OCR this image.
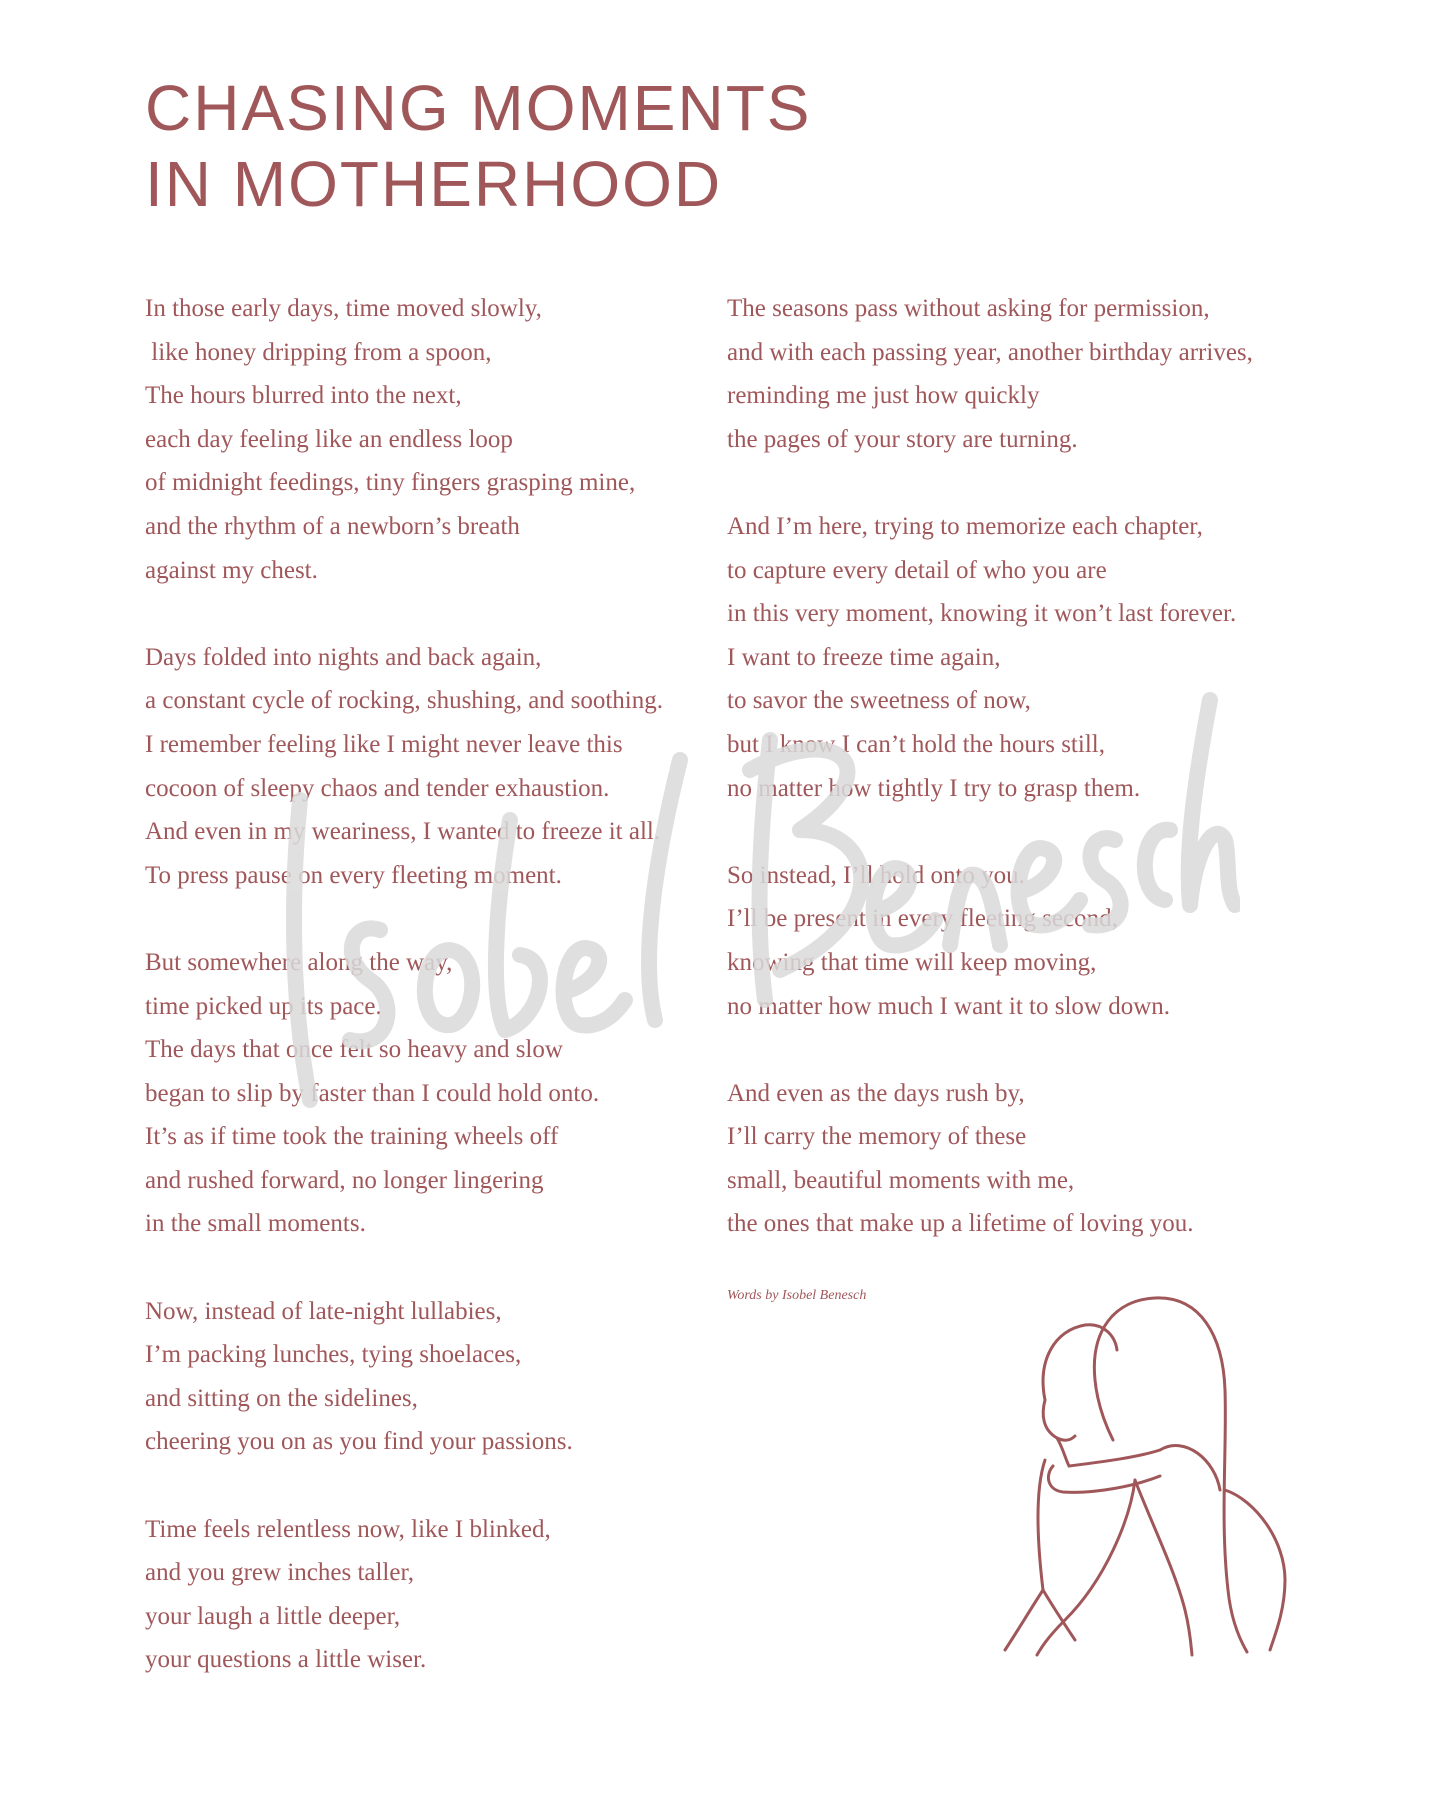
CHASING MOMENTS
IN MOTHERHOOD
In those early days, time moved slowly,
like honey dripping from a spoon,
The hours blurred into the next,
each day feeling like an endless loop
of midnight feedings, tiny fingers grasping mine,
and the rhythm of a newborn’s breath
against my chest.
Days folded into nights and back again,
a constant cycle of rocking, shushing, and soothing.
I remember feeling like I might never leave this
cocoon of sleepy chaos and tender exhaustion.
And even in my weariness, I wanted to freeze it all.
To press pause on every fleeting moment.
But somewhere along the way,
time picked up its pace.
The days that once felt so heavy and slow
began to slip by faster than I could hold onto.
It’s as if time took the training wheels off
and rushed forward, no longer lingering
in the small moments.
Now, instead of late-night lullabies,
I’m packing lunches, tying shoelaces,
and sitting on the sidelines,
cheering you on as you find your passions.
Time feels relentless now, like I blinked,
and you grew inches taller,
your laugh a little deeper,
your questions a little wiser.
The seasons pass without asking for permission,
and with each passing year, another birthday arrives,
reminding me just how quickly
the pages of your story are turning.
And I’m here, trying to memorize each chapter,
to capture every detail of who you are
in this very moment, knowing it won’t last forever.
I want to freeze time again,
to savor the sweetness of now,
but I know I can’t hold the hours still,
no matter how tightly I try to grasp them.
So instead, I’ll hold onto you.
I’ll be present in every fleeting second,
knowing that time will keep moving,
no matter how much I want it to slow down.
And even as the days rush by,
I’ll carry the memory of these
small, beautiful moments with me,
the ones that make up a lifetime of loving you.

Words by Isobel Benesch
